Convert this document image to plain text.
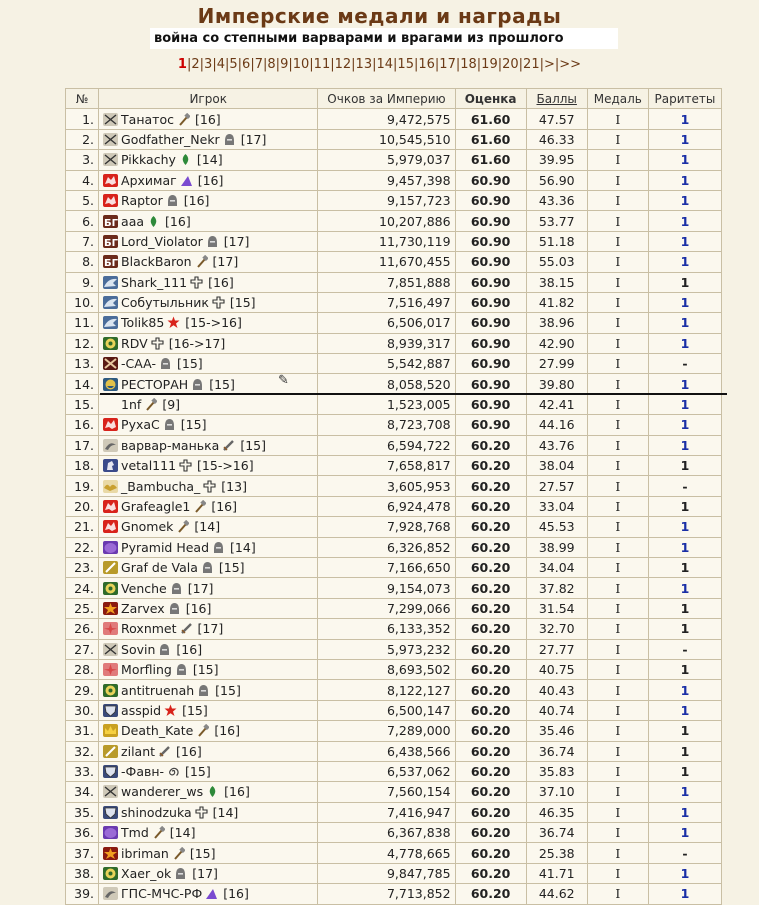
Имперские медали и награды
война со степными варварами и врагами из прошлого
1|2|3|4|5|6|7|8|9|10|11|12|13|14|15|16|17|18|19|20|21|>|>>
№	Игрок	Очков за Империю	Оценка	Баллы	Медаль	Раритеты
1.	Танатос [16]	9,472,575	61.60	47.57	I	1
2.	Godfather_Nekr [17]	10,545,510	61.60	46.33	I	1
3.	Pikkachy [14]	5,979,037	61.60	39.95	I	1
4.	Архимаг [16]	9,457,398	60.90	56.90	I	1
5.	Raptor [16]	9,157,723	60.90	43.36	I	1
6.	БГ aaa [16]	10,207,886	60.90	53.77	I	1
7.	БГ Lord_Violator [17]	11,730,119	60.90	51.18	I	1
8.	БГ BlackBaron [17]	11,670,455	60.90	55.03	I	1
9.	Shark_111 [16]	7,851,888	60.90	38.15	I	1
10.	Собутыльник [15]	7,516,497	60.90	41.82	I	1
11.	Tolik85 [15->16]	6,506,017	60.90	38.96	I	1
12.	RDV [16->17]	8,939,317	60.90	42.90	I	1
13.	-CAA- [15]	5,542,887	60.90	27.99	I	-
14.	РЕСТОРАН [15]	8,058,520	60.90	39.80	I	1
15.	1nf [9]	1,523,005	60.90	42.41	I	1
16.	РухаС [15]	8,723,708	60.90	44.16	I	1
17.	варвар-манька [15]	6,594,722	60.20	43.76	I	1
18.	vetal111 [15->16]	7,658,817	60.20	38.04	I	1
19.	_Bambucha_ [13]	3,605,953	60.20	27.57	I	-
20.	Grafeagle1 [16]	6,924,478	60.20	33.04	I	1
21.	Gnomek [14]	7,928,768	60.20	45.53	I	1
22.	Pyramid Head [14]	6,326,852	60.20	38.99	I	1
23.	Graf de Vala [15]	7,166,650	60.20	34.04	I	1
24.	Venche [17]	9,154,073	60.20	37.82	I	1
25.	Zarvex [16]	7,299,066	60.20	31.54	I	1
26.	Roxnmet [17]	6,133,352	60.20	32.70	I	1
27.	Sovin [16]	5,973,232	60.20	27.77	I	-
28.	Morfling [15]	8,693,502	60.20	40.75	I	1
29.	antitruenah [15]	8,122,127	60.20	40.43	I	1
30.	asspid [15]	6,500,147	60.20	40.74	I	1
31.	Death_Kate [16]	7,289,000	60.20	35.46	I	1
32.	zilant [16]	6,438,566	60.20	36.74	I	1
33.	-Фавн- [15]	6,537,062	60.20	35.83	I	1
34.	wanderer_ws [16]	7,560,154	60.20	37.10	I	1
35.	shinodzuka [14]	7,416,947	60.20	46.35	I	1
36.	Tmd [14]	6,367,838	60.20	36.74	I	1
37.	ibriman [15]	4,778,665	60.20	25.38	I	-
38.	Xaer_ok [17]	9,847,785	60.20	41.71	I	1
39.	ГПС-МЧС-РФ [16]	7,713,852	60.20	44.62	I	1
✎
